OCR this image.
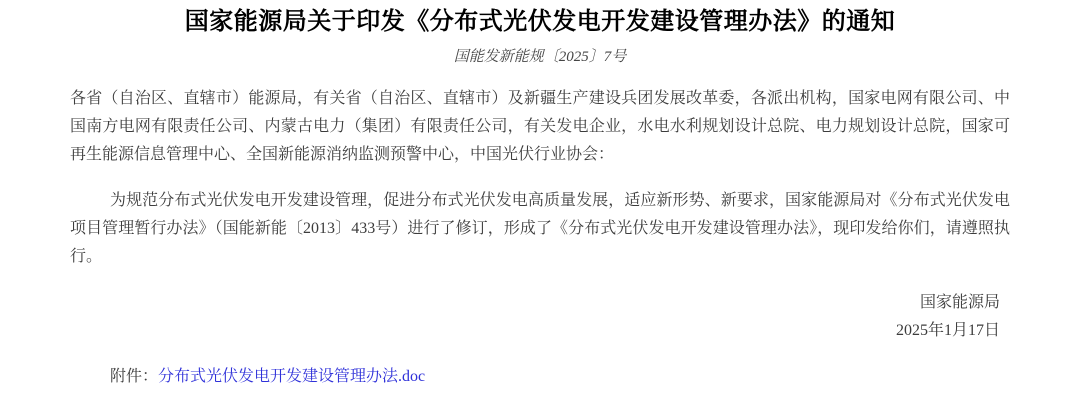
国家能源局关于印发《分布式光伏发电开发建设管理办法》的通知
国能发新能规〔2025〕7号

各省（自治区、直辖市）能源局，有关省（自治区、直辖市）及新疆生产建设兵团发展改革委，各派出机构，国家电网有限公司、中国南方电网有限责任公司、内蒙古电力（集团）有限责任公司，有关发电企业，水电水利规划设计总院、电力规划设计总院，国家可再生能源信息管理中心、全国新能源消纳监测预警中心，中国光伏行业协会：

为规范分布式光伏发电开发建设管理，促进分布式光伏发电高质量发展，适应新形势、新要求，国家能源局对《分布式光伏发电项目管理暂行办法》（国能新能〔2013〕433号）进行了修订，形成了《分布式光伏发电开发建设管理办法》，现印发给你们，请遵照执行。

国家能源局
2025年1月17日

附件：分布式光伏发电开发建设管理办法.doc
